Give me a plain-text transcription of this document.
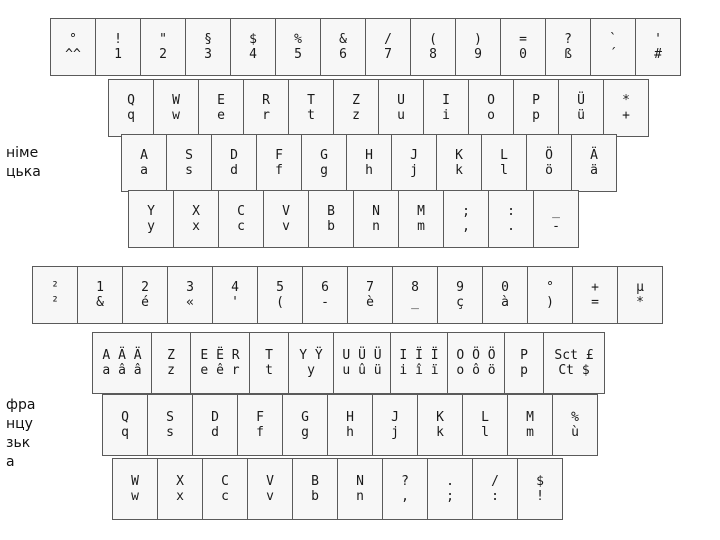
німе
цька
фра
нцу
зьк
а
°
^^
!
1
"
2
§
3
$
4
%
5
&
6
/
7
(
8
)
9
=
0
?
ß
`
´
'
#
Q
q
W
w
E
e
R
r
T
t
Z
z
U
u
I
i
O
o
P
p
Ü
ü
*
+
A
a
S
s
D
d
F
f
G
g
H
h
J
j
K
k
L
l
Ö
ö
Ä
ä
Y
y
X
x
C
c
V
v
B
b
N
n
M
m
;
,
:
.
_
-
²
²
1
&
2
é
3
«
4
'
5
(
6
-
7
è
8
_
9
ç
0
à
°
)
+
=
µ
*
A Ä Ä
a â â
Z
z
E Ë R
e ê r
T
t
Y Ÿ
y
U Ü Ü
u û ü
I Ï Ï
i î ï
O Ö Ö
o ô ö
P
p
Sct £
Ct $
Q
q
S
s
D
d
F
f
G
g
H
h
J
j
K
k
L
l
M
m
%
ù
W
w
X
x
C
c
V
v
B
b
N
n
?
,
.
;
/
:
$
!
